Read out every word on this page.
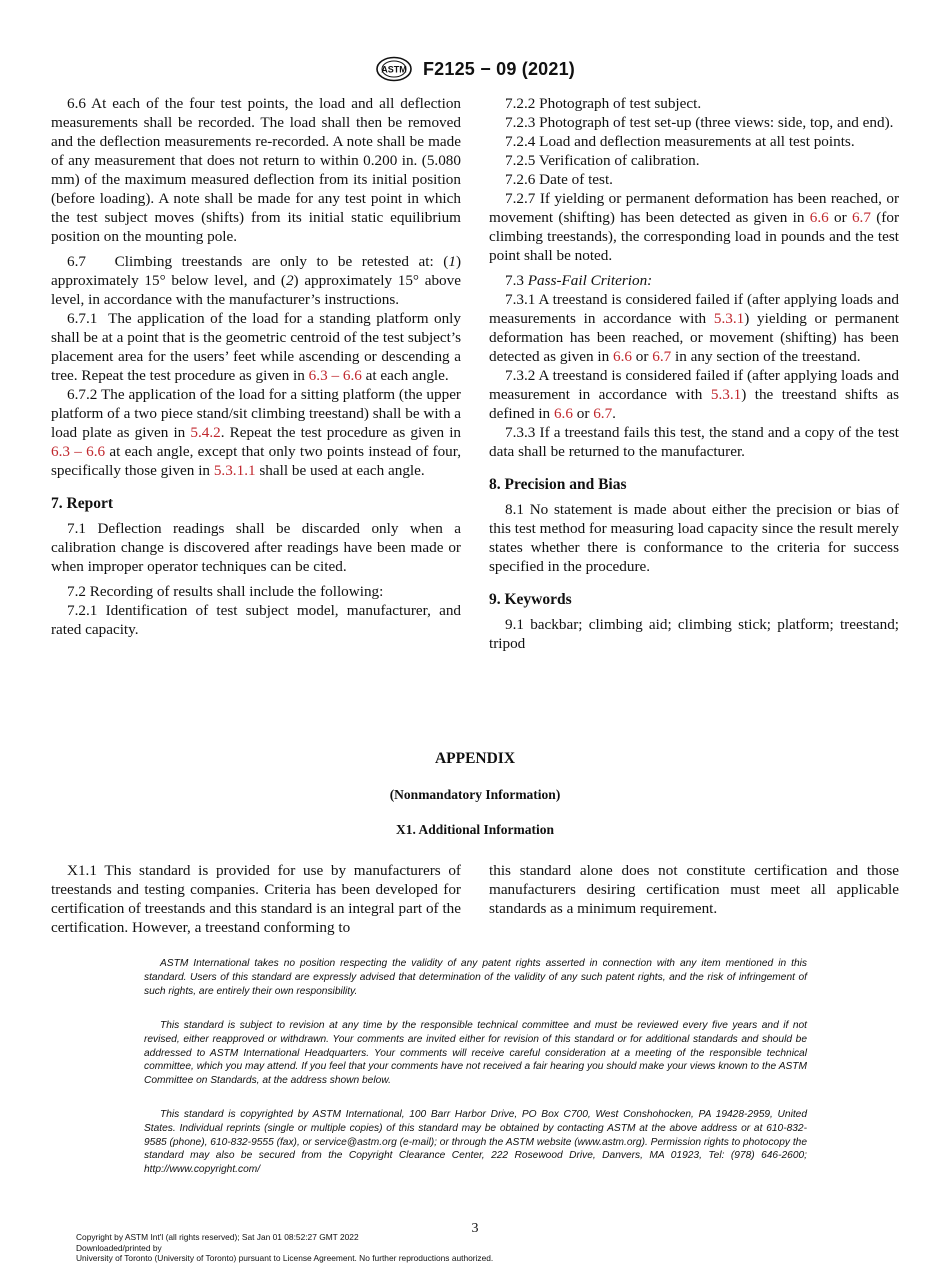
ASTM F2125 − 09 (2021)

6.6 At each of the four test points, the load and all deflection measurements shall be recorded. The load shall then be removed and the deflection measurements re-recorded. A note shall be made of any measurement that does not return to within 0.200 in. (5.080 mm) of the maximum measured deflection from its initial position (before loading). A note shall be made for any test point in which the test subject moves (shifts) from its initial static equilibrium position on the mounting pole.

6.7 Climbing treestands are only to be retested at: (1) approximately 15° below level, and (2) approximately 15° above level, in accordance with the manufacturer’s instructions.

6.7.1 The application of the load for a standing platform only shall be at a point that is the geometric centroid of the test subject’s placement area for the users’ feet while ascending or descending a tree. Repeat the test procedure as given in 6.3 – 6.6 at each angle.

6.7.2 The application of the load for a sitting platform (the upper platform of a two piece stand/sit climbing treestand) shall be with a load plate as given in 5.4.2. Repeat the test procedure as given in 6.3 – 6.6 at each angle, except that only two points instead of four, specifically those given in 5.3.1.1 shall be used at each angle.

7. Report

7.1 Deflection readings shall be discarded only when a calibration change is discovered after readings have been made or when improper operator techniques can be cited.

7.2 Recording of results shall include the following:

7.2.1 Identification of test subject model, manufacturer, and rated capacity.

7.2.2 Photograph of test subject.

7.2.3 Photograph of test set-up (three views: side, top, and end).

7.2.4 Load and deflection measurements at all test points.

7.2.5 Verification of calibration.

7.2.6 Date of test.

7.2.7 If yielding or permanent deformation has been reached, or movement (shifting) has been detected as given in 6.6 or 6.7 (for climbing treestands), the corresponding load in pounds and the test point shall be noted.

7.3 Pass-Fail Criterion:

7.3.1 A treestand is considered failed if (after applying loads and measurements in accordance with 5.3.1) yielding or permanent deformation has been reached, or movement (shifting) has been detected as given in 6.6 or 6.7 in any section of the treestand.

7.3.2 A treestand is considered failed if (after applying loads and measurement in accordance with 5.3.1) the treestand shifts as defined in 6.6 or 6.7.

7.3.3 If a treestand fails this test, the stand and a copy of the test data shall be returned to the manufacturer.

8. Precision and Bias

8.1 No statement is made about either the precision or bias of this test method for measuring load capacity since the result merely states whether there is conformance to the criteria for success specified in the procedure.

9. Keywords

9.1 backbar; climbing aid; climbing stick; platform; treestand; tripod

APPENDIX
(Nonmandatory Information)
X1. Additional Information

X1.1 This standard is provided for use by manufacturers of treestands and testing companies. Criteria has been developed for certification of treestands and this standard is an integral part of the certification. However, a treestand conforming to

this standard alone does not constitute certification and those manufacturers desiring certification must meet all applicable standards as a minimum requirement.

ASTM International takes no position respecting the validity of any patent rights asserted in connection with any item mentioned in this standard. Users of this standard are expressly advised that determination of the validity of any such patent rights, and the risk of infringement of such rights, are entirely their own responsibility.

This standard is subject to revision at any time by the responsible technical committee and must be reviewed every five years and if not revised, either reapproved or withdrawn. Your comments are invited either for revision of this standard or for additional standards and should be addressed to ASTM International Headquarters. Your comments will receive careful consideration at a meeting of the responsible technical committee, which you may attend. If you feel that your comments have not received a fair hearing you should make your views known to the ASTM Committee on Standards, at the address shown below.

This standard is copyrighted by ASTM International, 100 Barr Harbor Drive, PO Box C700, West Conshohocken, PA 19428-2959, United States. Individual reprints (single or multiple copies) of this standard may be obtained by contacting ASTM at the above address or at 610-832-9585 (phone), 610-832-9555 (fax), or service@astm.org (e-mail); or through the ASTM website (www.astm.org). Permission rights to photocopy the standard may also be secured from the Copyright Clearance Center, 222 Rosewood Drive, Danvers, MA 01923, Tel: (978) 646-2600; http://www.copyright.com/

3
Copyright by ASTM Int'l (all rights reserved); Sat Jan 01 08:52:27 GMT 2022
Downloaded/printed by
University of Toronto (University of Toronto) pursuant to License Agreement. No further reproductions authorized.
